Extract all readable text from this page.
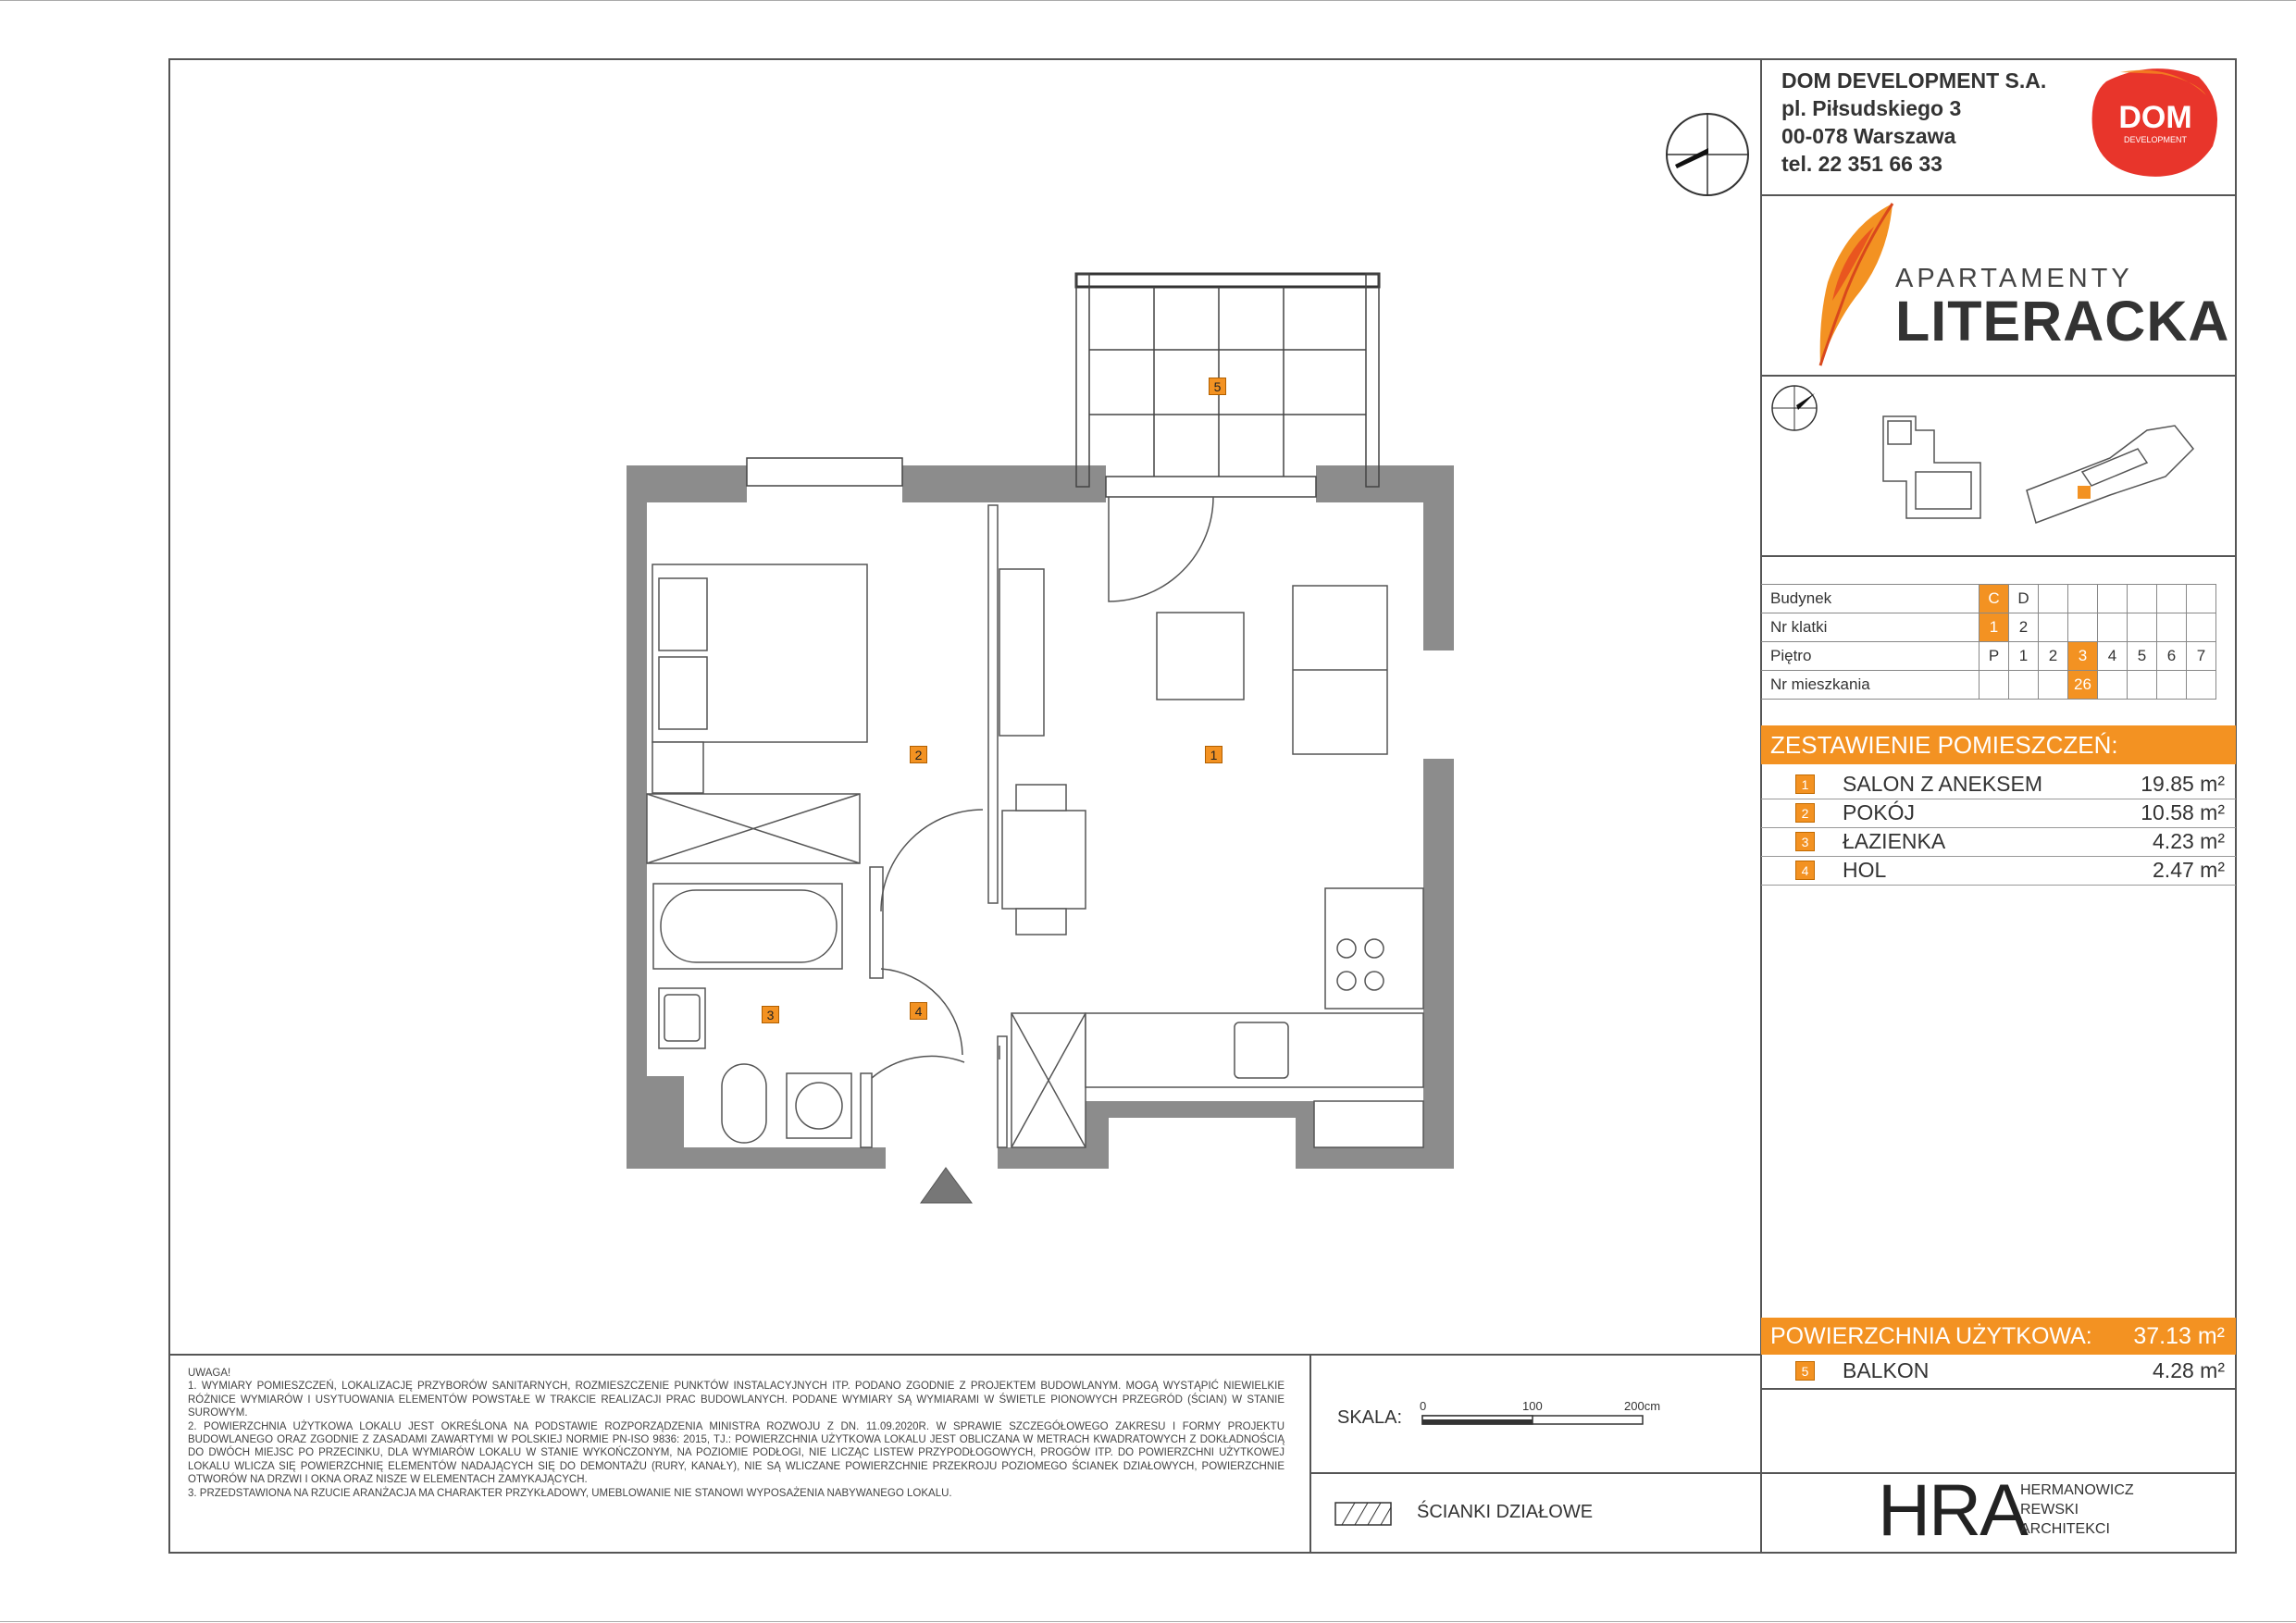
DOM DEVELOPMENT S.A.
pl. Piłsudskiego 3
00-078 Warszawa
tel. 22 351 66 33
DOM
DEVELOPMENT
APARTAMENTY
LITERACKA
Budynek	C	D						
Nr klatki	1	2						
Piętro	P	1	2	3	4	5	6	7
Nr mieszkania				26				
ZESTAWIENIE POMIESZCZEŃ:
1 SALON Z ANEKSEM	19.85 m²
2 POKÓJ	10.58 m²
3 ŁAZIENKA	4.23 m²
4 HOL	2.47 m²
POWIERZCHNIA UŻYTKOWA: 37.13 m²
5 BALKON	4.28 m²

UWAGA!

1. WYMIARY POMIESZCZEŃ, LOKALIZACJĘ PRZYBORÓW SANITARNYCH, ROZMIESZCZENIE PUNKTÓW INSTALACYJNYCH ITP. PODANO ZGODNIE Z PROJEKTEM BUDOWLANYM. MOGĄ WYSTĄPIĆ NIEWIELKIE RÓŻNICE WYMIARÓW I USYTUOWANIA ELEMENTÓW POWSTAŁE W TRAKCIE REALIZACJI PRAC BUDOWLANYCH. PODANE WYMIARY SĄ WYMIARAMI W ŚWIETLE PIONOWYCH PRZEGRÓD (ŚCIAN) W STANIE SUROWYM.

2. POWIERZCHNIA UŻYTKOWA LOKALU JEST OKREŚLONA NA PODSTAWIE ROZPORZĄDZENIA MINISTRA ROZWOJU Z DN. 11.09.2020R. W SPRAWIE SZCZEGÓŁOWEGO ZAKRESU I FORMY PROJEKTU BUDOWLANEGO ORAZ ZGODNIE Z ZASADAMI ZAWARTYMI W POLSKIEJ NORMIE PN-ISO 9836: 2015, TJ.: POWIERZCHNIA UŻYTKOWA LOKALU JEST OBLICZANA W METRACH KWADRATOWYCH Z DOKŁADNOŚCIĄ DO DWÓCH MIEJSC PO PRZECINKU, DLA WYMIARÓW LOKALU W STANIE WYKOŃCZONYM, NA POZIOMIE PODŁOGI, NIE LICZĄC LISTEW PRZYPODŁOGOWYCH, PROGÓW ITP. DO POWIERZCHNI UŻYTKOWEJ LOKALU WLICZA SIĘ POWIERZCHNIĘ ELEMENTÓW NADAJĄCYCH SIĘ DO DEMONTAŻU (RURY, KANAŁY), NIE SĄ WLICZANE POWIERZCHNIE PRZEKROJU POZIOMEGO ŚCIANEK DZIAŁOWYCH, POWIERZCHNIE OTWORÓW NA DRZWI I OKNA ORAZ NISZE W ELEMENTACH ZAMYKAJĄCYCH.

3. PRZEDSTAWIONA NA RZUCIE ARANŻACJA MA CHARAKTER PRZYKŁADOWY, UMEBLOWANIE NIE STANOWI WYPOSAŻENIA NABYWANEGO LOKALU.

SKALA:
0	100	200cm
ŚCIANKI DZIAŁOWE	HRA
HERMANOWICZ
REWSKI
ARCHITEKCI
1
2
3	4
5
